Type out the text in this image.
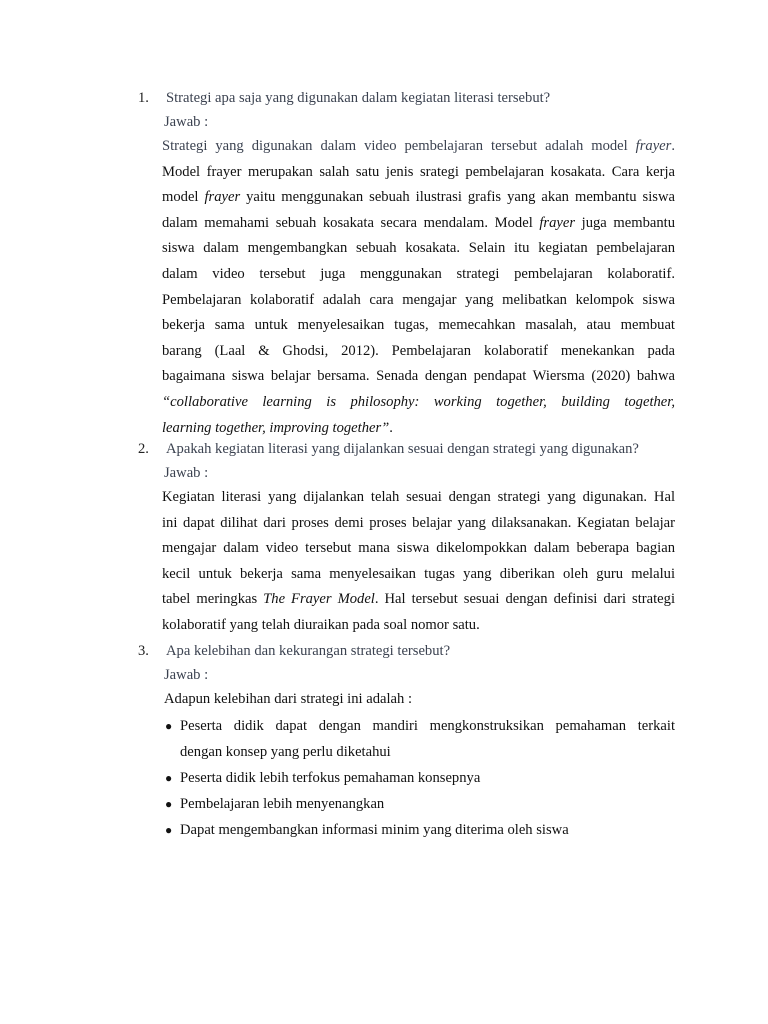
1. Strategi apa saja yang digunakan dalam kegiatan literasi tersebut?
Jawab :
Strategi yang digunakan dalam video pembelajaran tersebut adalah model frayer.
Model frayer merupakan salah satu jenis srategi pembelajaran kosakata. Cara kerja
model frayer yaitu menggunakan sebuah ilustrasi grafis yang akan membantu siswa
dalam memahami sebuah kosakata secara mendalam. Model frayer juga membantu
siswa dalam mengembangkan sebuah kosakata. Selain itu kegiatan pembelajaran
dalam video tersebut juga menggunakan strategi pembelajaran kolaboratif.
Pembelajaran kolaboratif adalah cara mengajar yang melibatkan kelompok siswa
bekerja sama untuk menyelesaikan tugas, memecahkan masalah, atau membuat
barang (Laal & Ghodsi, 2012). Pembelajaran kolaboratif menekankan pada
bagaimana siswa belajar bersama. Senada dengan pendapat Wiersma (2020) bahwa
“collaborative learning is philosophy: working together, building together,
learning together, improving together”.
2. Apakah kegiatan literasi yang dijalankan sesuai dengan strategi yang digunakan?
Jawab :
Kegiatan literasi yang dijalankan telah sesuai dengan strategi yang digunakan. Hal
ini dapat dilihat dari proses demi proses belajar yang dilaksanakan. Kegiatan belajar
mengajar dalam video tersebut mana siswa dikelompokkan dalam beberapa bagian
kecil untuk bekerja sama menyelesaikan tugas yang diberikan oleh guru melalui
tabel meringkas The Frayer Model. Hal tersebut sesuai dengan definisi dari strategi
kolaboratif yang telah diuraikan pada soal nomor satu.
3. Apa kelebihan dan kekurangan strategi tersebut?
Jawab :
Adapun kelebihan dari strategi ini adalah :
● Peserta didik dapat dengan mandiri mengkonstruksikan pemahaman terkait
dengan konsep yang perlu diketahui
● Peserta didik lebih terfokus pemahaman konsepnya
● Pembelajaran lebih menyenangkan
● Dapat mengembangkan informasi minim yang diterima oleh siswa
